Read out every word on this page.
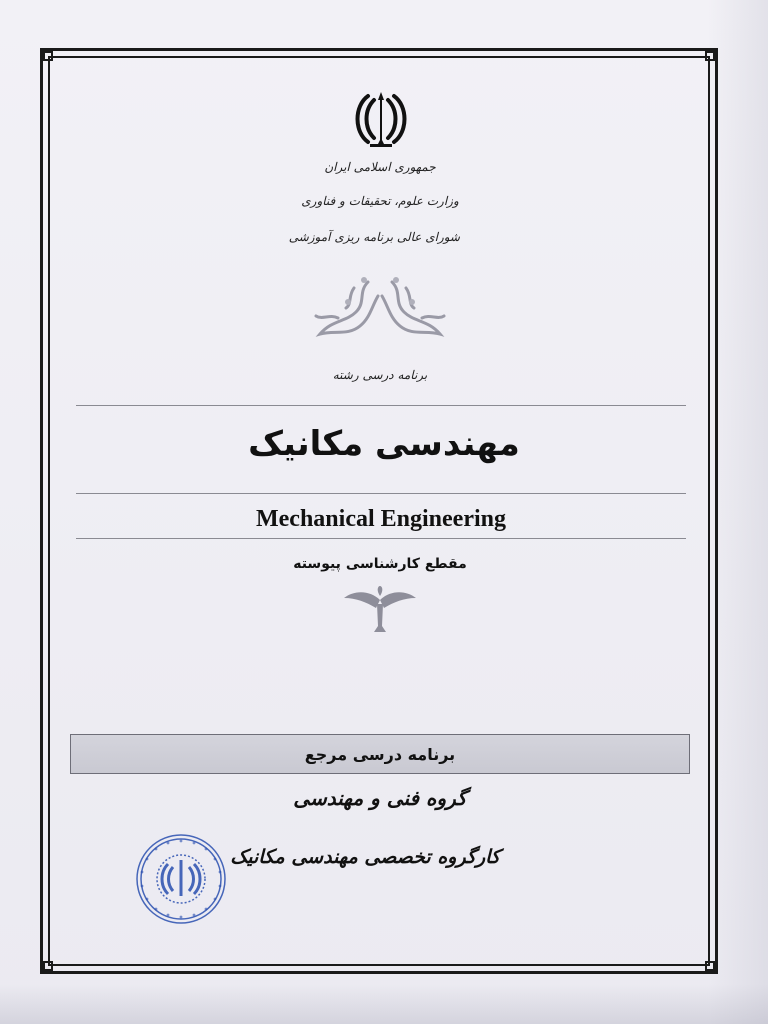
جمهوری اسلامی ایران
وزارت علوم، تحقیقات و فناوری
شورای عالی برنامه ریزی آموزشی
برنامه درسی رشته
مهندسی مکانیک
Mechanical Engineering
مقطع کارشناسی پیوسته
برنامه درسی مرجع
گروه فنی و مهندسی
کارگروه تخصصی مهندسی مکانیک
